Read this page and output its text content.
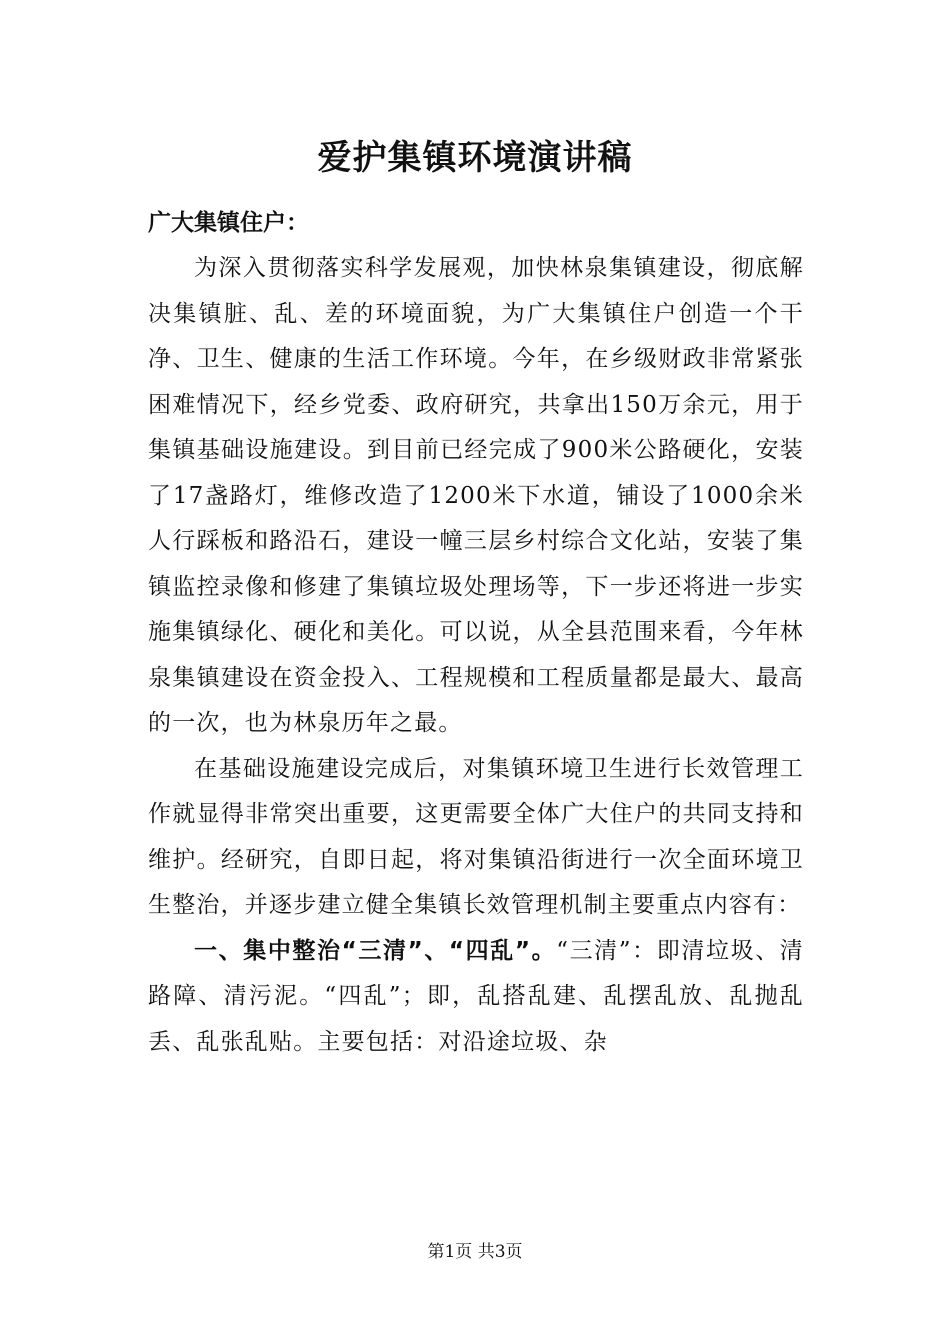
爱护集镇环境演讲稿

广大集镇住户：

为深入贯彻落实科学发展观，加快林泉集镇建设，彻底解决集镇脏、乱、差的环境面貌，为广大集镇住户创造一个干净、卫生、健康的生活工作环境。今年，在乡级财政非常紧张困难情况下，经乡党委、政府研究，共拿出150万余元，用于集镇基础设施建设。到目前已经完成了900米公路硬化，安装了17盏路灯，维修改造了1200米下水道，铺设了1000余米人行踩板和路沿石，建设一幢三层乡村综合文化站，安装了集镇监控录像和修建了集镇垃圾处理场等，下一步还将进一步实施集镇绿化、硬化和美化。可以说，从全县范围来看，今年林泉集镇建设在资金投入、工程规模和工程质量都是最大、最高的一次，也为林泉历年之最。

在基础设施建设完成后，对集镇环境卫生进行长效管理工作就显得非常突出重要，这更需要全体广大住户的共同支持和维护。经研究，自即日起，将对集镇沿街进行一次全面环境卫生整治，并逐步建立健全集镇长效管理机制主要重点内容有：

一、集中整治“三清”、“四乱”。“三清”：即清垃圾、清路障、清污泥。“四乱”；即，乱搭乱建、乱摆乱放、乱抛乱丢、乱张乱贴。主要包括：对沿途垃圾、杂

第1页 共3页
